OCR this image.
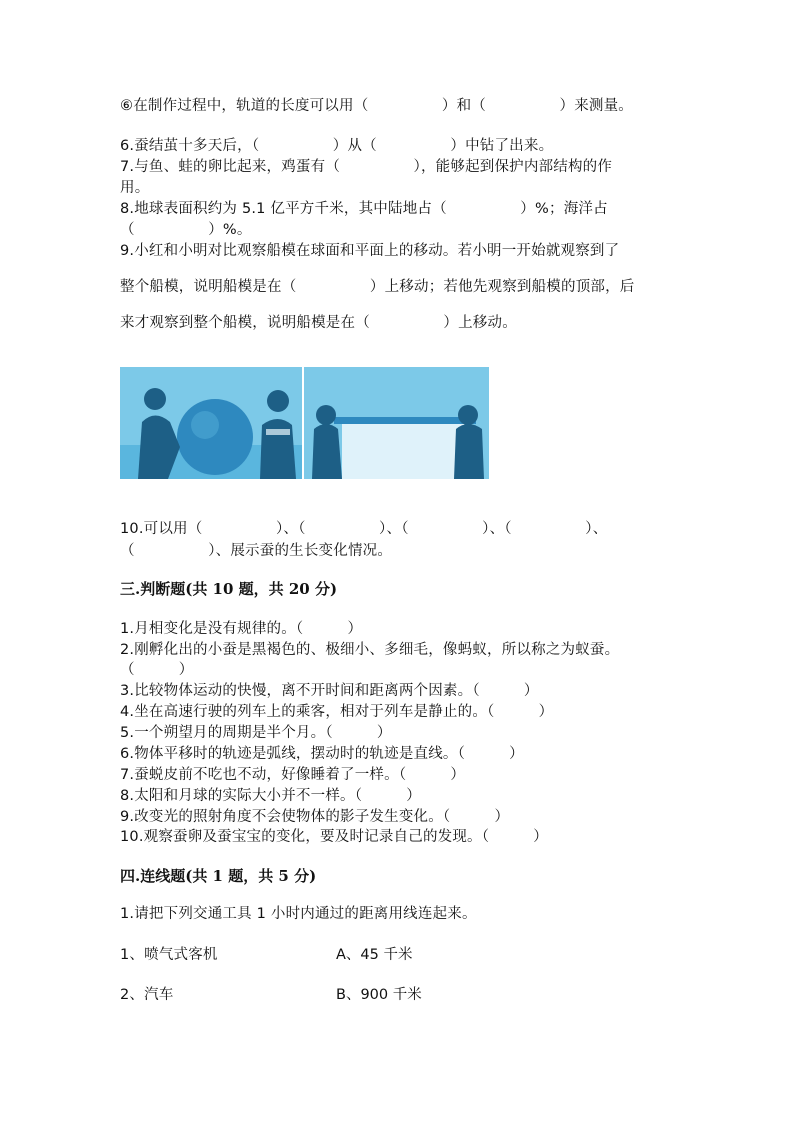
⑥在制作过程中，轨道的长度可以用（　　　　　）和（　　　　　）来测量。
6.蚕结茧十多天后，（　　　　　）从（　　　　　）中钻了出来。
7.与鱼、蛙的卵比起来，鸡蛋有（　　　　　），能够起到保护内部结构的作
用。
8.地球表面积约为 5.1 亿平方千米，其中陆地占（　　　　　）%；海洋占
（　　　　　）%。
9.小红和小明对比观察船模在球面和平面上的移动。若小明一开始就观察到了
整个船模，说明船模是在（　　　　　）上移动；若他先观察到船模的顶部，后
来才观察到整个船模，说明船模是在（　　　　　）上移动。
10.可以用（　　　　　）、（　　　　　）、（　　　　　）、（　　　　　）、
（　　　　　）、展示蚕的生长变化情况。
三.判断题(共 10 题，共 20 分)
1.月相变化是没有规律的。（　　　）
2.刚孵化出的小蚕是黑褐色的、极细小、多细毛，像蚂蚁，所以称之为蚁蚕。
（　　　）
3.比较物体运动的快慢，离不开时间和距离两个因素。（　　　）
4.坐在高速行驶的列车上的乘客，相对于列车是静止的。（　　　）
5.一个朔望月的周期是半个月。（　　　）
6.物体平移时的轨迹是弧线，摆动时的轨迹是直线。（　　　）
7.蚕蜕皮前不吃也不动，好像睡着了一样。（　　　）
8.太阳和月球的实际大小并不一样。（　　　）
9.改变光的照射角度不会使物体的影子发生变化。（　　　）
10.观察蚕卵及蚕宝宝的变化，要及时记录自己的发现。（　　　）
四.连线题(共 1 题，共 5 分)
1.请把下列交通工具 1 小时内通过的距离用线连起来。
1、喷气式客机	A、45 千米
2、汽车	B、900 千米
